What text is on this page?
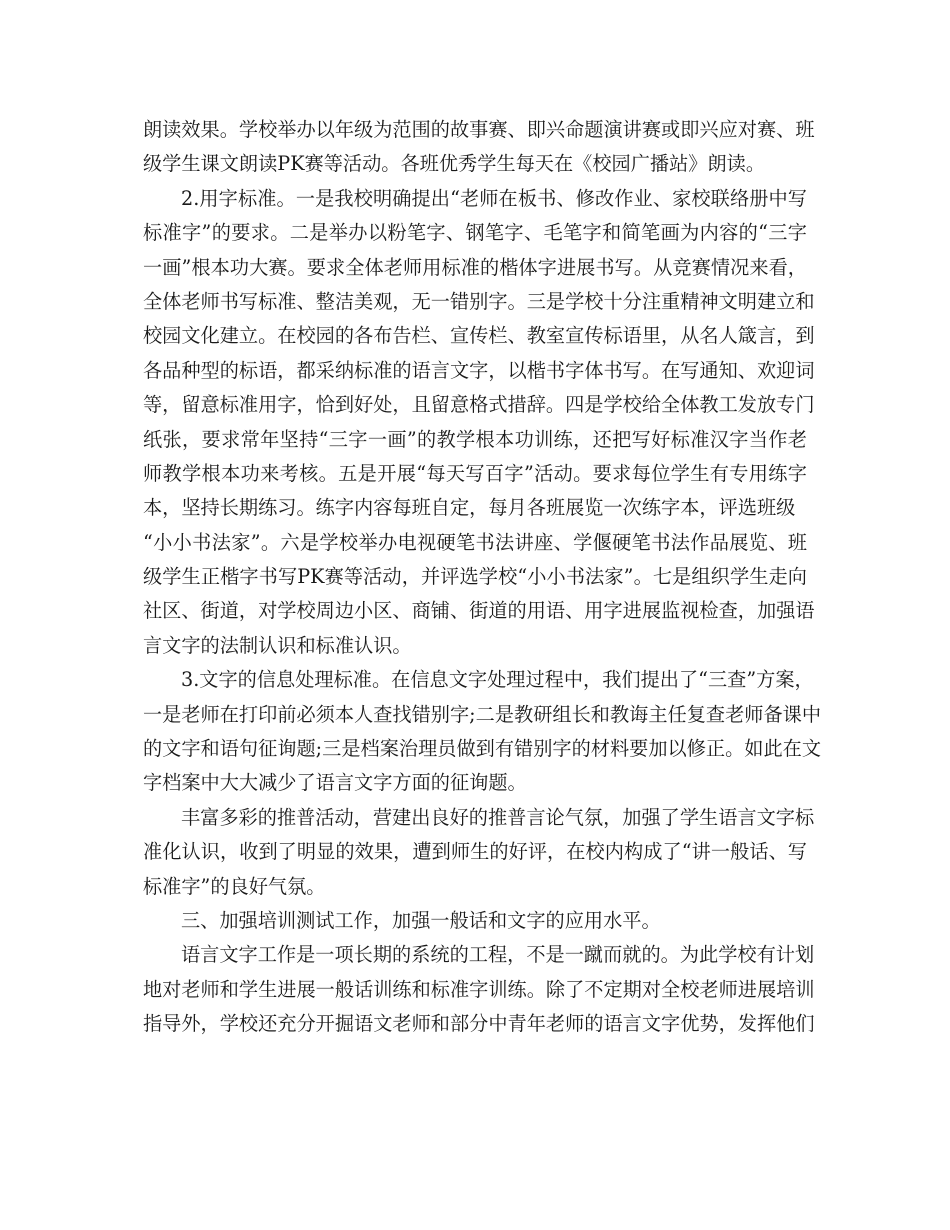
朗读效果。学校举办以年级为范围的故事赛、即兴命题演讲赛或即兴应对赛、班
级学生课文朗读PK赛等活动。各班优秀学生每天在《校园广播站》朗读。
2.用字标准。一是我校明确提出“老师在板书、修改作业、家校联络册中写
标准字”的要求。二是举办以粉笔字、钢笔字、毛笔字和简笔画为内容的“三字
一画”根本功大赛。要求全体老师用标准的楷体字进展书写。从竞赛情况来看，
全体老师书写标准、整洁美观，无一错别字。三是学校十分注重精神文明建立和
校园文化建立。在校园的各布告栏、宣传栏、教室宣传标语里，从名人箴言，到
各品种型的标语，都采纳标准的语言文字，以楷书字体书写。在写通知、欢迎词
等，留意标准用字，恰到好处，且留意格式措辞。四是学校给全体教工发放专门
纸张，要求常年坚持“三字一画”的教学根本功训练，还把写好标准汉字当作老
师教学根本功来考核。五是开展“每天写百字”活动。要求每位学生有专用练字
本，坚持长期练习。练字内容每班自定，每月各班展览一次练字本，评选班级
“小小书法家”。六是学校举办电视硬笔书法讲座、学偃硬笔书法作品展览、班
级学生正楷字书写PK赛等活动，并评选学校“小小书法家”。七是组织学生走向
社区、街道，对学校周边小区、商铺、街道的用语、用字进展监视检查，加强语
言文字的法制认识和标准认识。
3.文字的信息处理标准。在信息文字处理过程中，我们提出了“三查”方案，
一是老师在打印前必须本人查找错别字;二是教研组长和教诲主任复查老师备课中
的文字和语句征询题;三是档案治理员做到有错别字的材料要加以修正。如此在文
字档案中大大减少了语言文字方面的征询题。
丰富多彩的推普活动，营建出良好的推普言论气氛，加强了学生语言文字标
准化认识，收到了明显的效果，遭到师生的好评，在校内构成了“讲一般话、写
标准字”的良好气氛。
三、加强培训测试工作，加强一般话和文字的应用水平。
语言文字工作是一项长期的系统的工程，不是一蹴而就的。为此学校有计划
地对老师和学生进展一般话训练和标准字训练。除了不定期对全校老师进展培训
指导外，学校还充分开掘语文老师和部分中青年老师的语言文字优势，发挥他们
